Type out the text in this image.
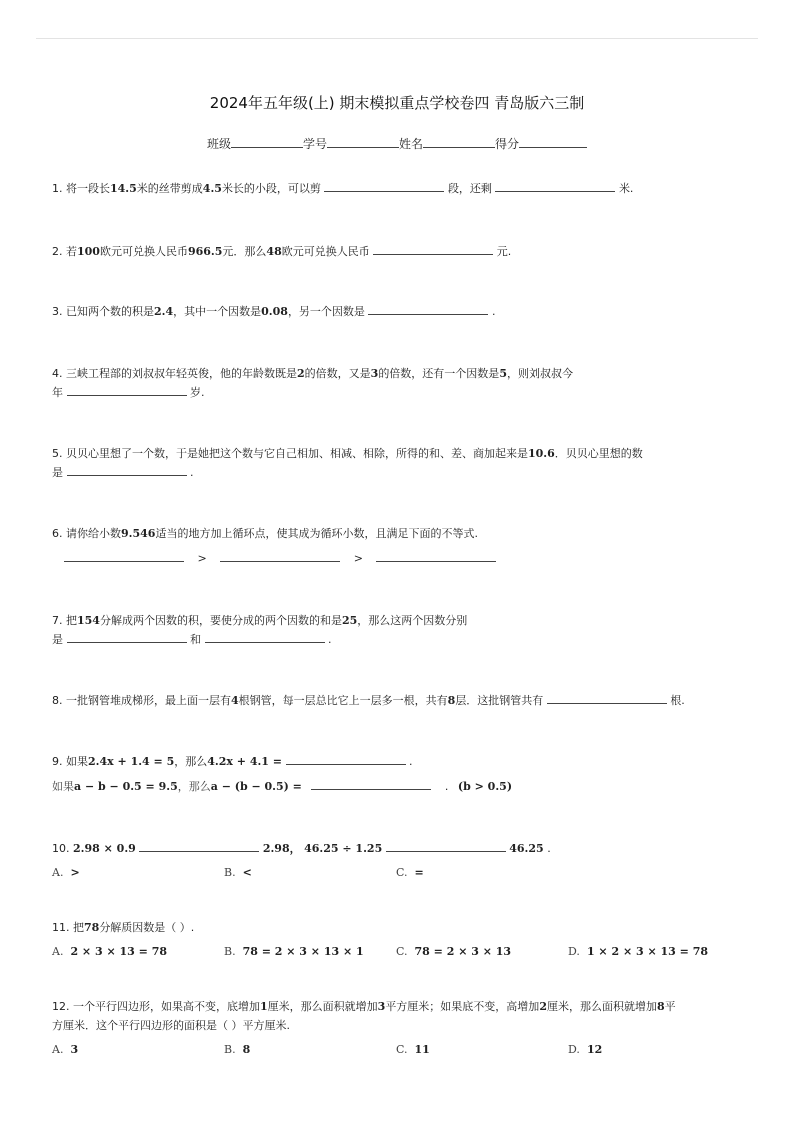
2024年五年级(上) 期末模拟重点学校卷四 青岛版六三制
班级	学号	姓名	得分
1. 将一段长14.5米的丝带剪成4.5米长的小段，可以剪	段，还剩	米.
2. 若100欧元可兑换人民币966.5元．那么48欧元可兑换人民币	元.
3. 已知两个数的积是2.4，其中一个因数是0.08，另一个因数是	.
4. 三峡工程部的刘叔叔年轻英俊，他的年龄数既是2的倍数，又是3的倍数，还有一个因数是5，则刘叔叔今
年	岁.
5. 贝贝心里想了一个数，于是她把这个数与它自己相加、相减、相除，所得的和、差、商加起来是10.6．贝贝心里想的数
是	.
6. 请你给小数9.546适当的地方加上循环点，使其成为循环小数，且满足下面的不等式.
>	>
7. 把154分解成两个因数的积，要使分成的两个因数的和是25，那么这两个因数分别
是	和	.
8. 一批钢管堆成梯形，最上面一层有4根钢管，每一层总比它上一层多一根，共有8层．这批钢管共有	根.
9. 如果2.4x + 1.4 = 5，那么4.2x + 4.1 =	.
如果a − b − 0.5 = 9.5，那么a − (b − 0.5) =	. (b > 0.5)
10. 2.98 × 0.9	2.98， 46.25 ÷ 1.25	46.25 .
A. >	B. <	C. =
11. 把78分解质因数是（ ）.
A. 2 × 3 × 13 = 78	B. 78 = 2 × 3 × 13 × 1	C. 78 = 2 × 3 × 13	D. 1 × 2 × 3 × 13 = 78
12. 一个平行四边形，如果高不变，底增加1厘米，那么面积就增加3平方厘米；如果底不变，高增加2厘米，那么面积就增加8平
方厘米．这个平行四边形的面积是（ ）平方厘米.
A. 3	B. 8	C. 11	D. 12
